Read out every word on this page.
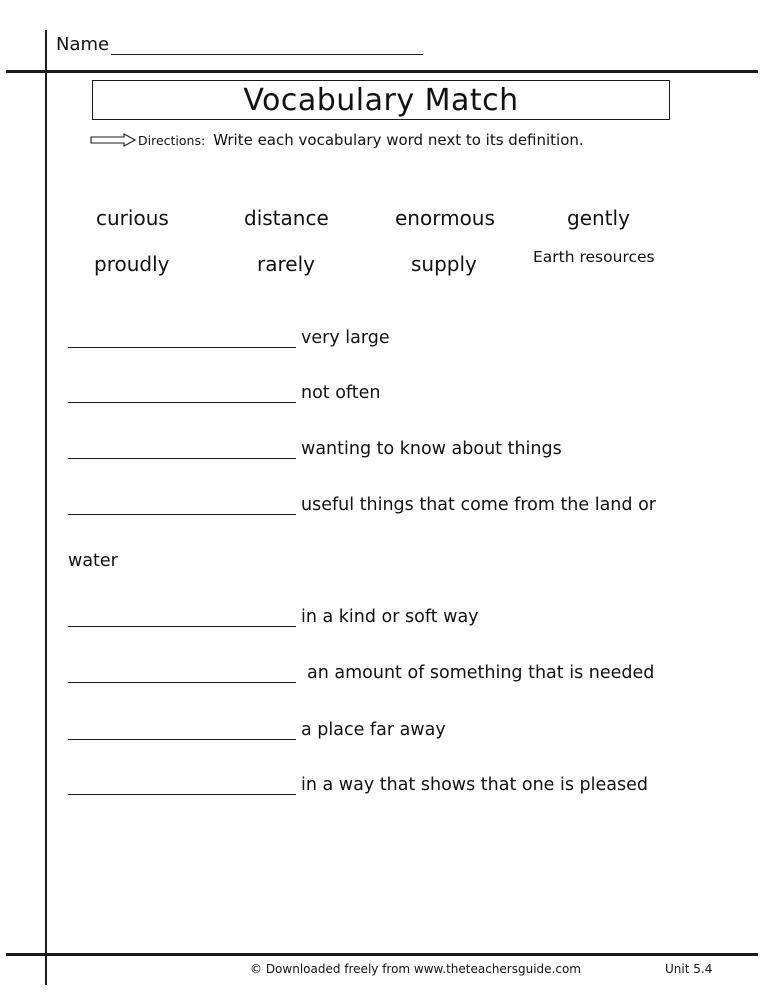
Name
Vocabulary Match
Directions: Write each vocabulary word next to its definition.
curious	distance	enormous	gently
proudly	rarely	supply	Earth resources
very large
not often
wanting to know about things
useful things that come from the land or
water
in a kind or soft way
an amount of something that is needed
a place far away
in a way that shows that one is pleased
© Downloaded freely from www.theteachersguide.com	Unit 5.4
